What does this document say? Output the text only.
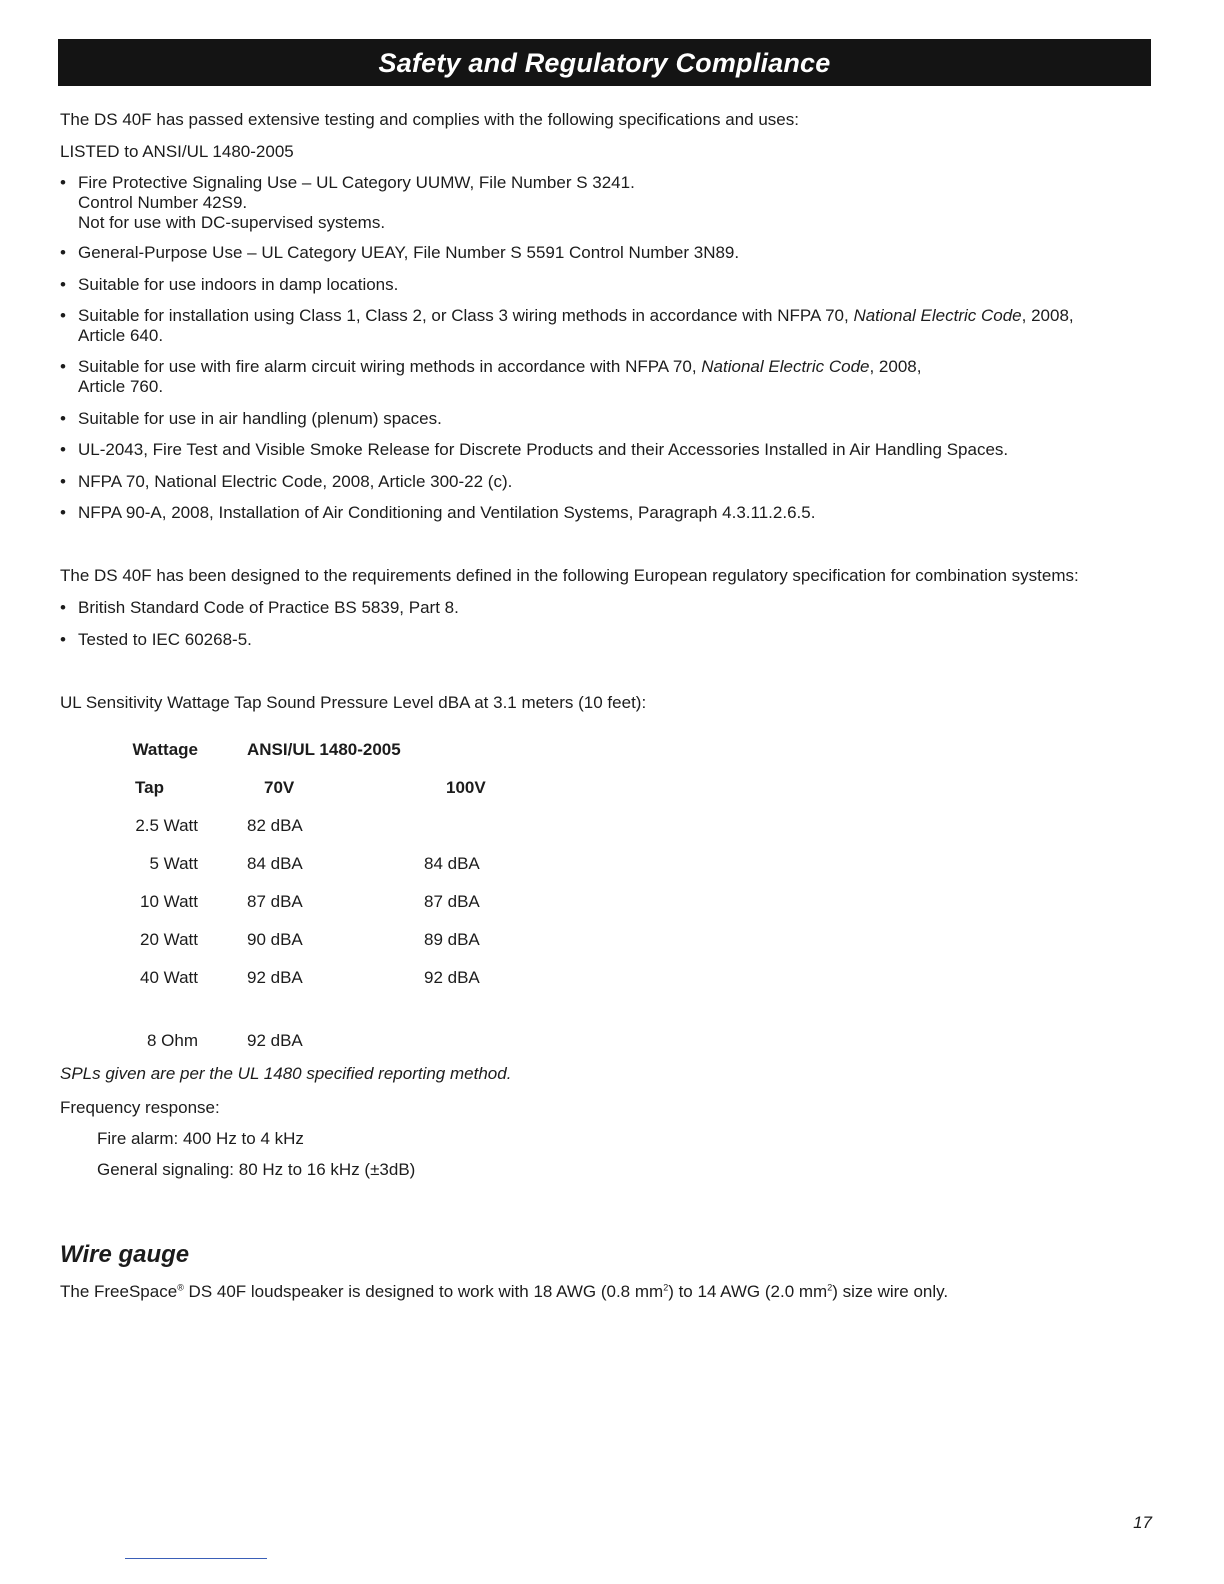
Safety and Regulatory Compliance
The DS 40F has passed extensive testing and complies with the following specifications and uses:
LISTED to ANSI/UL 1480-2005
• Fire Protective Signaling Use – UL Category UUMW, File Number S 3241.
Control Number 42S9.
Not for use with DC-supervised systems.
• General-Purpose Use – UL Category UEAY, File Number S 5591 Control Number 3N89.
• Suitable for use indoors in damp locations.
• Suitable for installation using Class 1, Class 2, or Class 3 wiring methods in accordance with NFPA 70, National Electric Code, 2008,
Article 640.
• Suitable for use with fire alarm circuit wiring methods in accordance with NFPA 70, National Electric Code, 2008,
Article 760.
• Suitable for use in air handling (plenum) spaces.
• UL-2043, Fire Test and Visible Smoke Release for Discrete Products and their Accessories Installed in Air Handling Spaces.
• NFPA 70, National Electric Code, 2008, Article 300-22 (c).
• NFPA 90-A, 2008, Installation of Air Conditioning and Ventilation Systems, Paragraph 4.3.11.2.6.5.
The DS 40F has been designed to the requirements defined in the following European regulatory specification for combination systems:
• British Standard Code of Practice BS 5839, Part 8.
• Tested to IEC 60268-5.
UL Sensitivity Wattage Tap Sound Pressure Level dBA at 3.1 meters (10 feet):
Wattage	ANSI/UL 1480-2005	
Tap	70V	100V
2.5 Watt	82 dBA	
5 Watt	84 dBA	84 dBA
10 Watt	87 dBA	87 dBA
20 Watt	90 dBA	89 dBA
40 Watt	92 dBA	92 dBA

8 Ohm	92 dBA	
SPLs given are per the UL 1480 specified reporting method.
Frequency response:
Fire alarm: 400 Hz to 4 kHz
General signaling: 80 Hz to 16 kHz (±3dB)
Wire gauge
The FreeSpace® DS 40F loudspeaker is designed to work with 18 AWG (0.8 $mm^2$) to 14 AWG (2.0 $mm^2$) size wire only.
17
